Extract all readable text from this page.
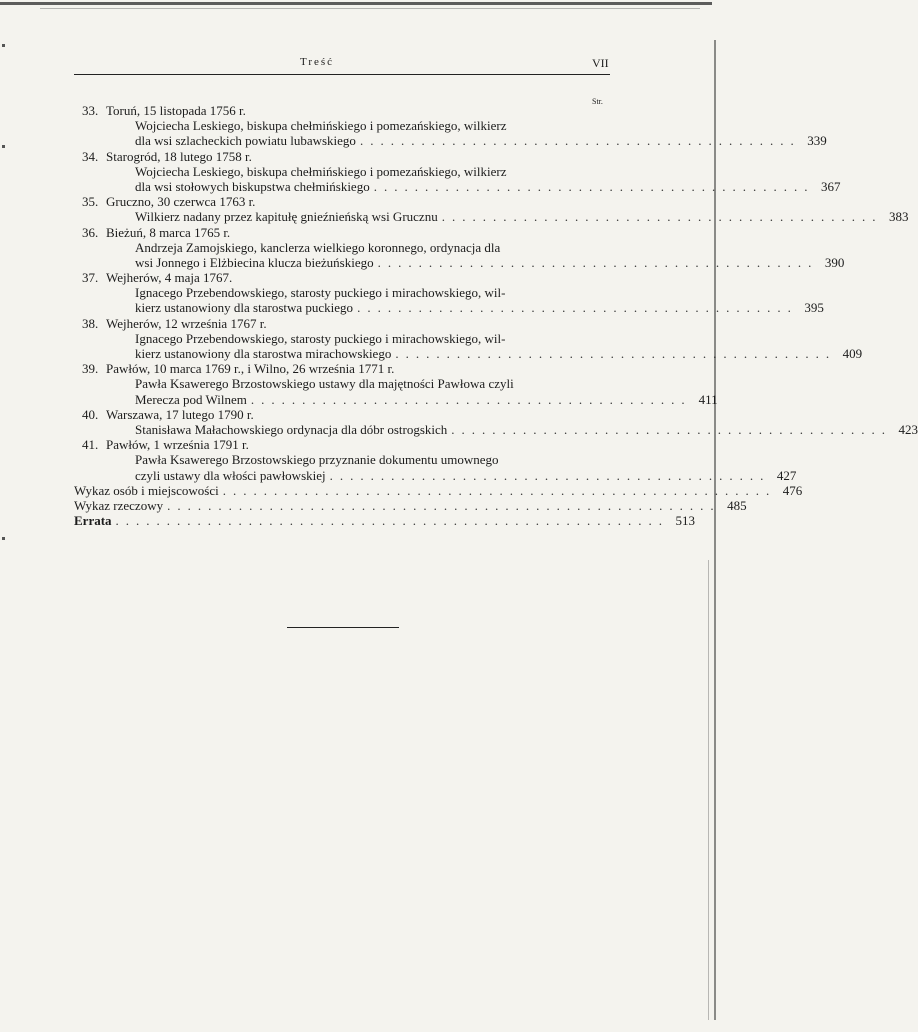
Treść	VII
Str.
33. Toruń, 15 listopada 1756 r.
Wojciecha Leskiego, biskupa chełmińskiego i pomezańskiego, wilkierz
dla wsi szlacheckich powiatu lubawskiego ........................................... 339
34. Starogród, 18 lutego 1758 r.
Wojciecha Leskiego, biskupa chełmińskiego i pomezańskiego, wilkierz
dla wsi stołowych biskupstwa chełmińskiego ........................................... 367
35. Gruczno, 30 czerwca 1763 r.
Wilkierz nadany przez kapitułę gnieźnieńską wsi Grucznu ........................................... 383
36. Bieżuń, 8 marca 1765 r.
Andrzeja Zamojskiego, kanclerza wielkiego koronnego, ordynacja dla
wsi Jonnego i Elżbiecina klucza bieżuńskiego ........................................... 390
37. Wejherów, 4 maja 1767.
Ignacego Przebendowskiego, starosty puckiego i mirachowskiego, wil-
kierz ustanowiony dla starostwa puckiego ........................................... 395
38. Wejherów, 12 września 1767 r.
Ignacego Przebendowskiego, starosty puckiego i mirachowskiego, wil-
kierz ustanowiony dla starostwa mirachowskiego ........................................... 409
39. Pawłów, 10 marca 1769 r., i Wilno, 26 września 1771 r.
Pawła Ksawerego Brzostowskiego ustawy dla majętności Pawłowa czyli
Merecza pod Wilnem ........................................... 411
40. Warszawa, 17 lutego 1790 r.
Stanisława Małachowskiego ordynacja dla dóbr ostrogskich ........................................... 423
41. Pawłów, 1 września 1791 r.
Pawła Ksawerego Brzostowskiego przyznanie dokumentu umownego
czyli ustawy dla włości pawłowskiej ........................................... 427
Wykaz osób i miejscowości ...................................................... 476
Wykaz rzeczowy ...................................................... 485
Errata ...................................................... 513
